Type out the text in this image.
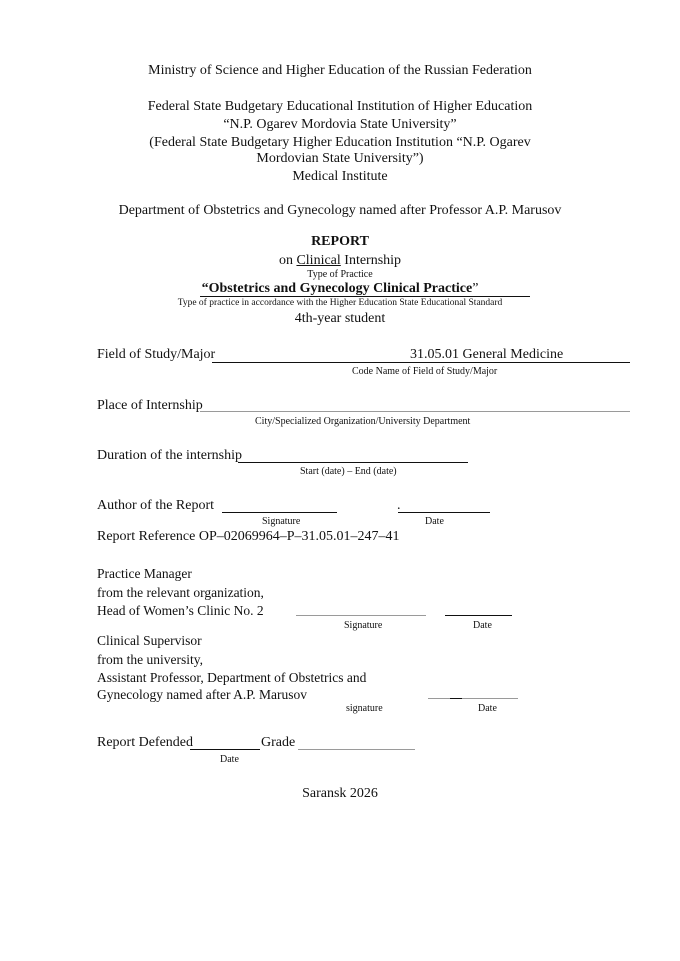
Ministry of Science and Higher Education of the Russian Federation
Federal State Budgetary Educational Institution of Higher Education
“N.P. Ogarev Mordovia State University”
(Federal State Budgetary Higher Education Institution “N.P. Ogarev
Mordovian State University”)
Medical Institute
Department of Obstetrics and Gynecology named after Professor A.P. Marusov
REPORT
on Clinical Internship
Type of Practice
“Obstetrics and Gynecology Clinical Practice”
Type of practice in accordance with the Higher Education State Educational Standard
4th-year student
Field of Study/Major	31.05.01 General Medicine
Code Name of Field of Study/Major
Place of Internship
City/Specialized Organization/University Department
Duration of the internship
Start (date) – End (date)
Author of the Report	.
Signature	Date
Report Reference OP–02069964–P–31.05.01–247–41
Practice Manager
from the relevant organization,
Head of Women’s Clinic No. 2
Signature	Date
Clinical Supervisor
from the university,
Assistant Professor, Department of Obstetrics and
Gynecology named after A.P. Marusov
signature	Date
Report Defended	Grade
Date
Saransk 2026
